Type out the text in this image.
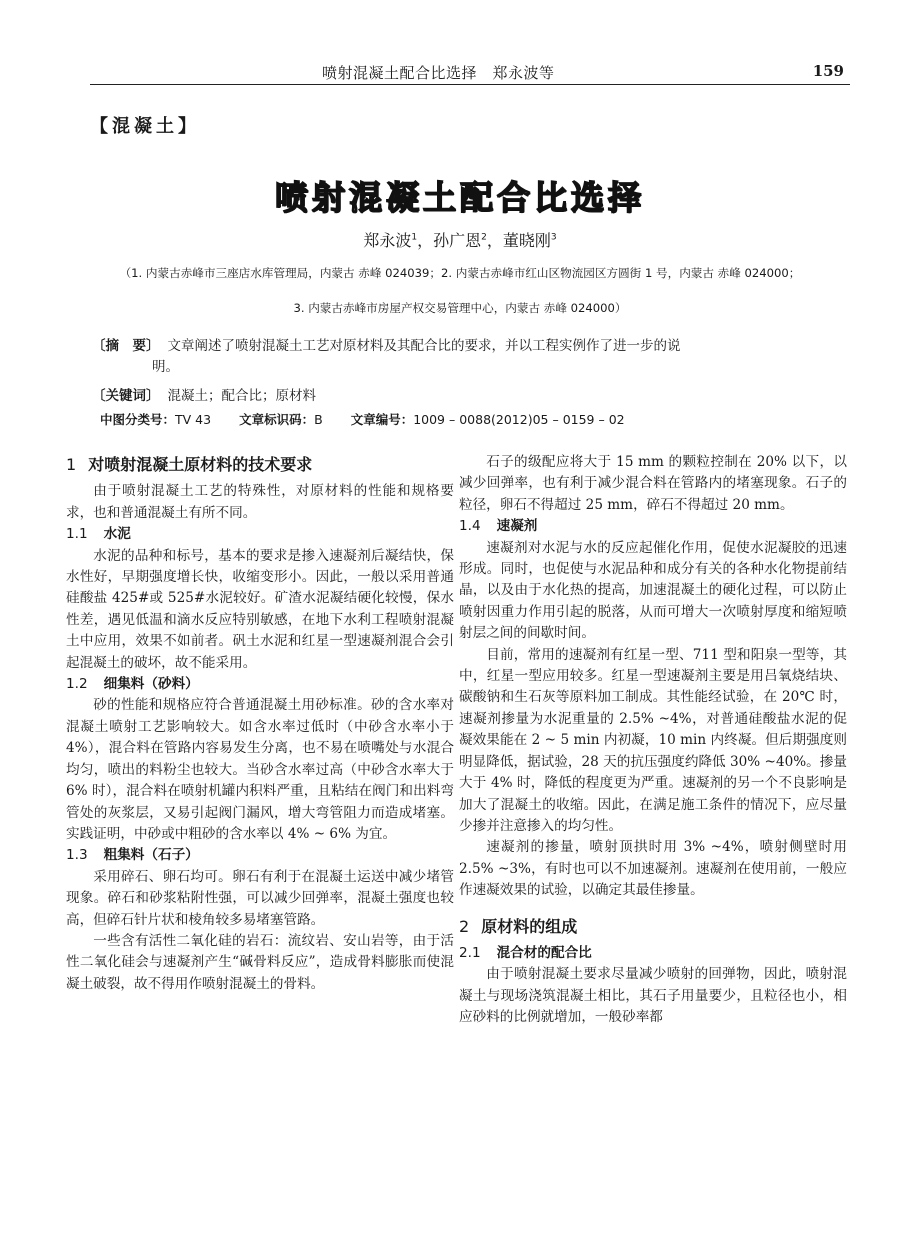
喷射混凝土配合比选择　郑永波等	159
【混凝土】
喷射混凝土配合比选择
郑永波$^1$，孙广恩$^2$，董晓刚$^3$
（1. 内蒙古赤峰市三座店水库管理局，内蒙古 赤峰 024039；2. 内蒙古赤峰市红山区物流园区方圆街 1 号，内蒙古 赤峰 024000；
3. 内蒙古赤峰市房屋产权交易管理中心，内蒙古 赤峰 024000）
〔摘　要〕 文章阐述了喷射混凝土工艺对原材料及其配合比的要求，并以工程实例作了进一步的说
明。
〔关键词〕 混凝土；配合比；原材料
中图分类号：TV 43 文章标识码：B 文章编号：1009 – 0088(2012)05 – 0159 – 02

1 对喷射混凝土原材料的技术要求

由于喷射混凝土工艺的特殊性，对原材料的性能和规格要求，也和普通混凝土有所不同。

1.1 水泥

水泥的品种和标号，基本的要求是掺入速凝剂后凝结快，保水性好，早期强度增长快，收缩变形小。因此，一般以采用普通硅酸盐 425#或 525#水泥较好。矿渣水泥凝结硬化较慢，保水性差，遇见低温和滴水反应特别敏感，在地下水利工程喷射混凝土中应用，效果不如前者。矾土水泥和红星一型速凝剂混合会引起混凝土的破坏，故不能采用。

1.2 细集料（砂料）

砂的性能和规格应符合普通混凝土用砂标准。砂的含水率对混凝土喷射工艺影响较大。如含水率过低时（中砂含水率小于 4%），混合料在管路内容易发生分离，也不易在喷嘴处与水混合均匀，喷出的料粉尘也较大。当砂含水率过高（中砂含水率大于 6% 时），混合料在喷射机罐内积料严重，且粘结在阀门和出料弯管处的灰浆层，又易引起阀门漏风，增大弯管阻力而造成堵塞。实践证明，中砂或中粗砂的含水率以 4% ~ 6% 为宜。

1.3 粗集料（石子）

采用碎石、卵石均可。卵石有利于在混凝土运送中减少堵管现象。碎石和砂浆粘附性强，可以减少回弹率，混凝土强度也较高，但碎石针片状和棱角较多易堵塞管路。

一些含有活性二氧化硅的岩石：流纹岩、安山岩等，由于活性二氧化硅会与速凝剂产生“碱骨料反应”，造成骨料膨胀而使混凝土破裂，故不得用作喷射混凝土的骨料。

石子的级配应将大于 15 mm 的颗粒控制在 20% 以下，以减少回弹率，也有利于减少混合料在管路内的堵塞现象。石子的粒径，卵石不得超过 25 mm，碎石不得超过 20 mm。

1.4 速凝剂

速凝剂对水泥与水的反应起催化作用，促使水泥凝胶的迅速形成。同时，也促使与水泥品种和成分有关的各种水化物提前结晶，以及由于水化热的提高，加速混凝土的硬化过程，可以防止喷射因重力作用引起的脱落，从而可增大一次喷射厚度和缩短喷射层之间的间歇时间。

目前，常用的速凝剂有红星一型、711 型和阳泉一型等，其中，红星一型应用较多。红星一型速凝剂主要是用吕氧烧结块、碳酸钠和生石灰等原料加工制成。其性能经试验，在 20℃ 时，速凝剂掺量为水泥重量的 2.5% ~4%，对普通硅酸盐水泥的促凝效果能在 2 ~ 5 min 内初凝，10 min 内终凝。但后期强度则明显降低，据试验，28 天的抗压强度约降低 30% ~40%。掺量大于 4% 时，降低的程度更为严重。速凝剂的另一个不良影响是加大了混凝土的收缩。因此，在满足施工条件的情况下，应尽量少掺并注意掺入的均匀性。

速凝剂的掺量，喷射顶拱时用 3% ~4%，喷射侧壁时用 2.5% ~3%，有时也可以不加速凝剂。速凝剂在使用前，一般应作速凝效果的试验，以确定其最佳掺量。

2 原材料的组成

2.1 混合材的配合比

由于喷射混凝土要求尽量减少喷射的回弹物，因此，喷射混凝土与现场浇筑混凝土相比，其石子用量要少，且粒径也小，相应砂料的比例就增加，一般砂率都
